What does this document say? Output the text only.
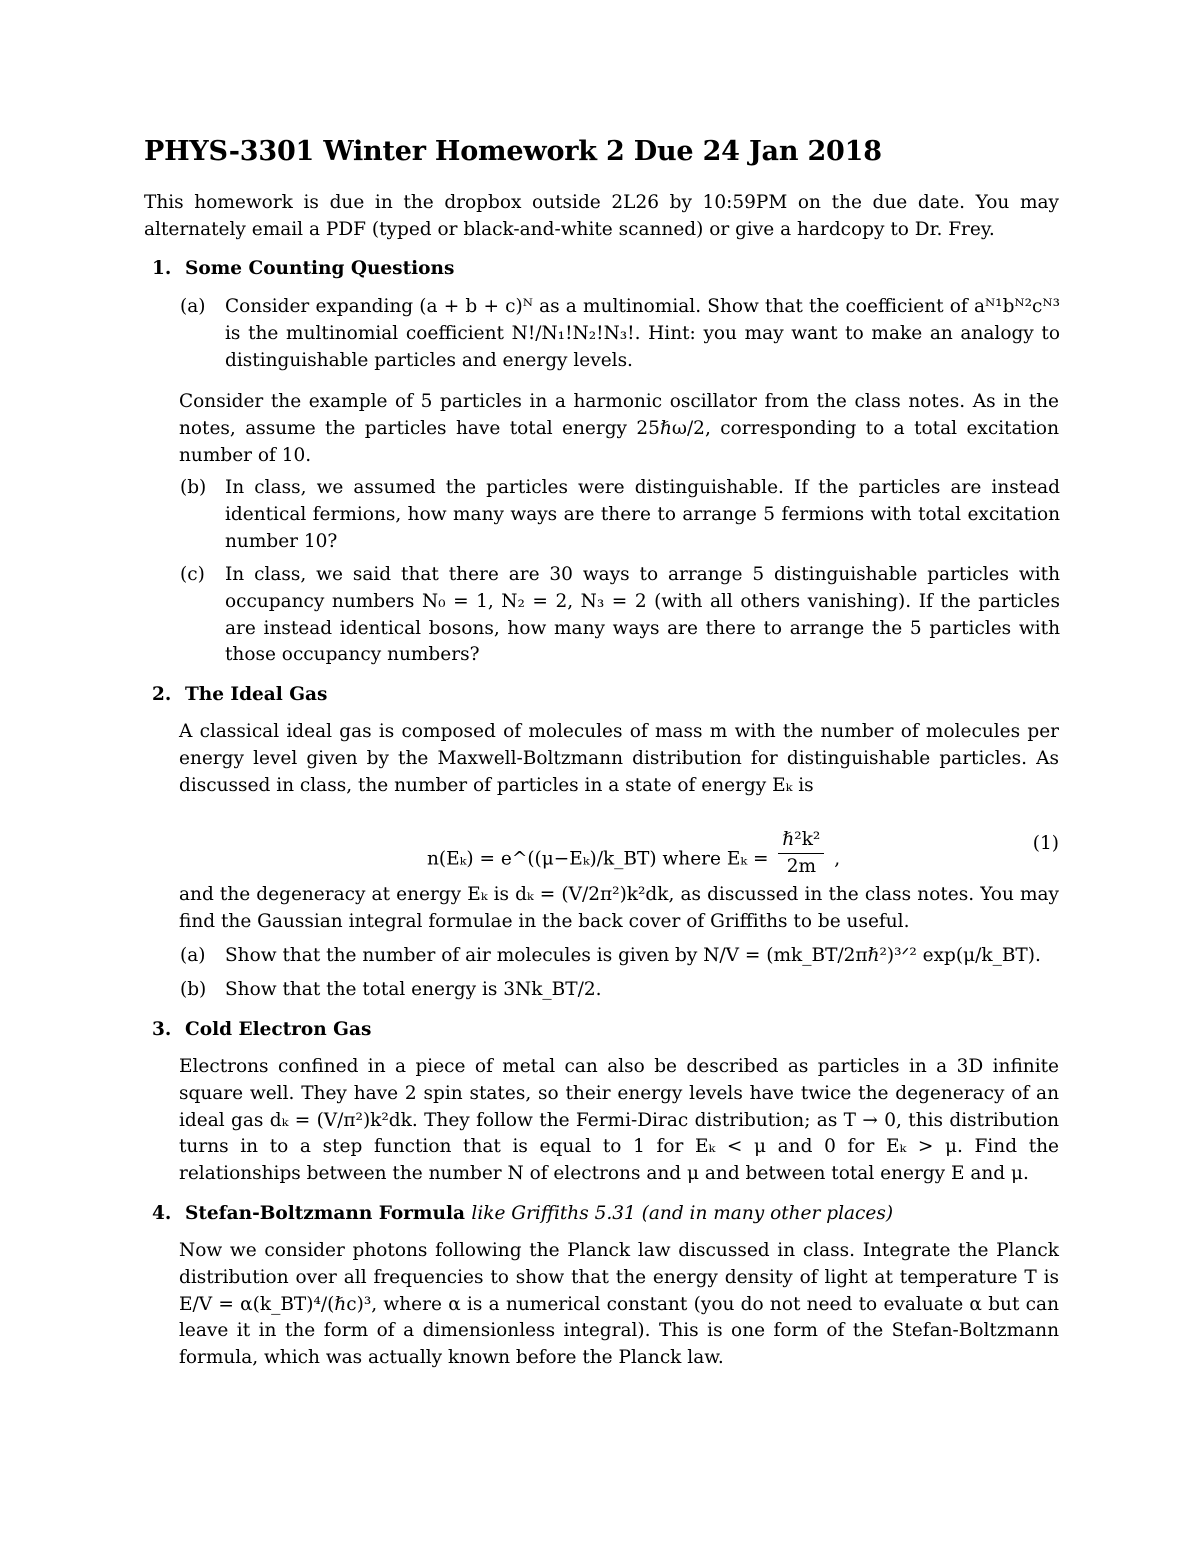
PHYS-3301 Winter Homework 2 Due 24 Jan 2018
This homework is due in the dropbox outside 2L26 by 10:59PM on the due date. You may alternately email a PDF (typed or black-and-white scanned) or give a hardcopy to Dr. Frey.
1. Some Counting Questions
(a)	Consider expanding (a + b + c)ᴺ as a multinomial. Show that the coefficient of aᴺ¹bᴺ²cᴺ³ is the multinomial coefficient N!/N₁!N₂!N₃!. Hint: you may want to make an analogy to distinguishable particles and energy levels.
Consider the example of 5 particles in a harmonic oscillator from the class notes. As in the notes, assume the particles have total energy 25ℏω/2, corresponding to a total excitation number of 10.
(b)	In class, we assumed the particles were distinguishable. If the particles are instead identical fermions, how many ways are there to arrange 5 fermions with total excitation number 10?
(c)	In class, we said that there are 30 ways to arrange 5 distinguishable particles with occupancy numbers N₀ = 1, N₂ = 2, N₃ = 2 (with all others vanishing). If the particles are instead identical bosons, how many ways are there to arrange the 5 particles with those occupancy numbers?
2. The Ideal Gas
A classical ideal gas is composed of molecules of mass m with the number of molecules per energy level given by the Maxwell-Boltzmann distribution for distinguishable particles. As discussed in class, the number of particles in a state of energy Eₖ is
n(Eₖ) = e^((μ−Eₖ)/k_BT) where $E_k = \frac{\text{ℏ²k²}}{2m}$ ,
(1)
and the degeneracy at energy Eₖ is dₖ = (V/2π²)k²dk, as discussed in the class notes. You may find the Gaussian integral formulae in the back cover of Griffiths to be useful.
(a)	Show that the number of air molecules is given by N/V = (mk_BT/2πℏ²)³ᐟ² exp(μ/k_BT).
(b)	Show that the total energy is 3Nk_BT/2.
3. Cold Electron Gas
Electrons confined in a piece of metal can also be described as particles in a 3D infinite square well. They have 2 spin states, so their energy levels have twice the degeneracy of an ideal gas dₖ = (V/π²)k²dk. They follow the Fermi-Dirac distribution; as T → 0, this distribution turns in to a step function that is equal to 1 for Eₖ < μ and 0 for Eₖ > μ. Find the relationships between the number N of electrons and μ and between total energy E and μ.
4. Stefan-Boltzmann Formula like Griffiths 5.31 (and in many other places)
Now we consider photons following the Planck law discussed in class. Integrate the Planck distribution over all frequencies to show that the energy density of light at temperature T is E/V = α(k_BT)⁴/(ℏc)³, where α is a numerical constant (you do not need to evaluate α but can leave it in the form of a dimensionless integral). This is one form of the Stefan-Boltzmann formula, which was actually known before the Planck law.
